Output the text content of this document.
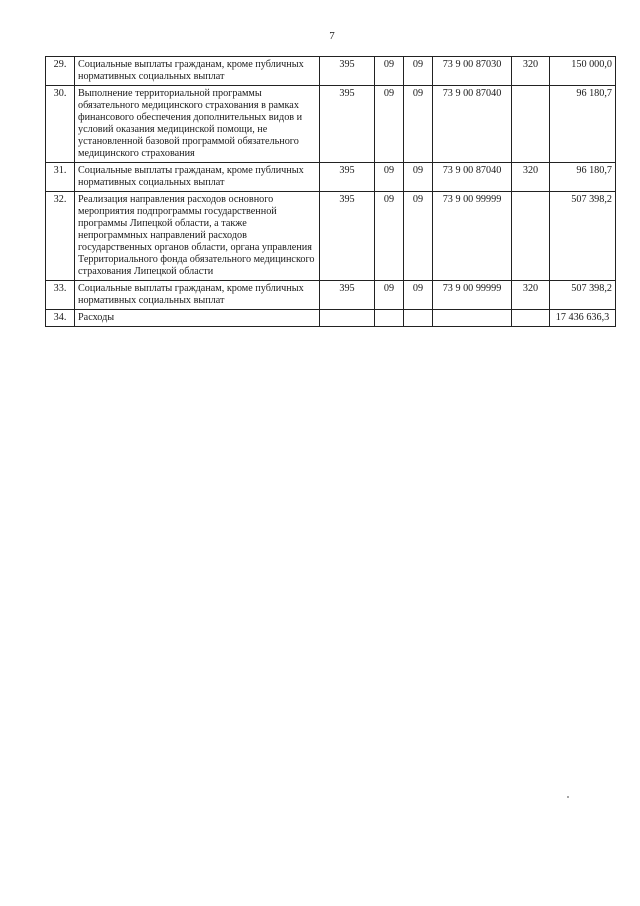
7
29.	Социальные выплаты гражданам, кроме публичных нормативных социальных выплат	395	09	09	73 9 00 87030	320	150 000,0
30.	Выполнение территориальной программы обязательного медицинского страхования в рамках финансового обеспечения дополнительных видов и условий оказания медицинской помощи, не установленной базовой программой обязательного медицинского страхования	395	09	09	73 9 00 87040		96 180,7
31.	Социальные выплаты гражданам, кроме публичных нормативных социальных выплат	395	09	09	73 9 00 87040	320	96 180,7
32.	Реализация направления расходов основного мероприятия подпрограммы государственной программы Липецкой области, а также непрограммных направлений расходов государственных органов области, органа управления Территориального фонда обязательного медицинского страхования Липецкой области	395	09	09	73 9 00 99999		507 398,2
33.	Социальные выплаты гражданам, кроме публичных нормативных социальных выплат	395	09	09	73 9 00 99999	320	507 398,2
34.	Расходы						17 436 636,3
